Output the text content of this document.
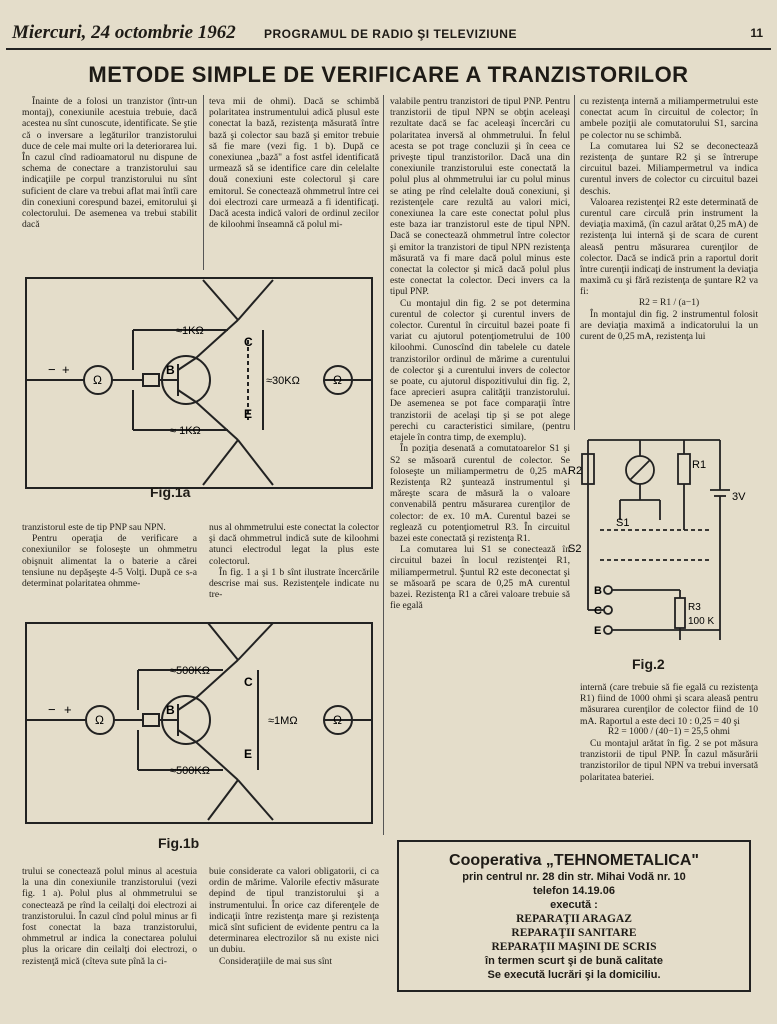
Miercuri, 24 octombrie 1962 PROGRAMUL DE RADIO ŞI TELEVIZIUNE	11
METODE SIMPLE DE VERIFICARE A TRANZISTORILOR

Înainte de a folosi un tranzistor (într-un montaj), conexiunile acestuia trebuie, dacă acestea nu sînt cunoscute, identificate. Se ştie că o inversare a legăturilor tranzistorului duce de cele mai multe ori la deteriorarea lui. În cazul cînd radioamatorul nu dispune de schema de conectare a tranzistorului sau indicaţiile pe corpul tranzistorului nu sînt suficient de clare va trebui aflat mai întîi care din conexiuni corespund bazei, emitorului şi colectorului. De asemenea va trebui stabilit dacă

teva mii de ohmi). Dacă se schimbă polaritatea instrumentului adică plusul este conectat la bază, rezistenţa măsurată între bază şi colector sau bază şi emitor trebuie să fie mare (vezi fig. 1 b). După ce conexiunea „bază" a fost astfel identificată urmează să se identifice care din celelalte două conexiuni este colectorul şi care emitorul. Se conectează ohmmetrul între cei doi electrozi care urmează a fi identificaţi. Dacă acesta indică valori de ordinul zecilor de kiloohmi înseamnă că polul mi-

≈1KΩ
≈30KΩ
≈ 1KΩ
Ω	Ω
− +	B
C
E
Fig.1a

tranzistorul este de tip PNP sau NPN.

Pentru operaţia de verificare a conexiunilor se foloseşte un ohmmetru obişnuit alimentat la o baterie a cărei tensiune nu depăşeşte 4-5 Volţi. După ce s-a determinat polaritatea ohmme-

nus al ohmmetrului este conectat la colector şi dacă ohmmetrul indică sute de kiloohmi atunci electrodul legat la plus este colectorul.

În fig. 1 a şi 1 b sînt ilustrate încercările descrise mai sus. Rezistenţele indicate nu tre-

≈500KΩ
≈1MΩ
≈500KΩ
Ω	Ω
− +	B
C
E
Fig.1b

trului se conectează polul minus al acestuia la una din conexiunile tranzistorului (vezi fig. 1 a). Polul plus al ohmmetrului se conectează pe rînd la ceilalţi doi electrozi ai tranzistorului. În cazul cînd polul minus ar fi fost conectat la baza tranzistorului, ohmmetrul ar indica la conectarea polului plus la oricare din ceilalţi doi electrozi, o rezistenţă mică (cîteva sute pînă la ci-

buie considerate ca valori obligatorii, ci ca ordin de mărime. Valorile efectiv măsurate depind de tipul tranzistorului şi a instrumentului. În orice caz diferenţele de indicaţii între rezistenţa mare şi rezistenţa mică sînt suficient de evidente pentru ca la determinarea electrozilor să nu existe nici un dubiu.

Consideraţiile de mai sus sînt

valabile pentru tranzistori de tipul PNP. Pentru tranzistorii de tipul NPN se obţin aceleaşi rezultate dacă se fac aceleaşi încercări cu polaritatea inversă al ohmmetrului. În felul acesta se pot trage concluzii şi în ceea ce priveşte tipul tranzistorilor. Dacă una din conexiunile tranzistorului este conectată la polul plus al ohmmetrului iar cu polul minus se ating pe rînd celelalte două conexiuni, şi rezistenţele care rezultă au valori mici, conexiunea la care este conectat polul plus este baza iar tranzistorul este de tipul NPN. Dacă se conectează ohmmetrul între colector şi emitor la tranzistori de tipul NPN rezistenţa măsurată va fi mare dacă polul minus este conectat la colector şi mică dacă polul plus este conectat la colector. Deci invers ca la tipul PNP.

Cu montajul din fig. 2 se pot determina curentul de colector şi curentul invers de colector. Curentul în circuitul bazei poate fi variat cu ajutorul potenţiometrului de 100 kiloohmi. Cunoscînd din tabelele cu datele tranzistorilor ordinul de mărime a curentului de colector şi a curentului invers de colector se poate, cu ajutorul dispozitivului din fig. 2, face aprecieri asupra calităţii tranzistorului. De asemenea se pot face comparaţii între tranzistorii de acelaşi tip şi se pot alege perechi cu caracteristici similare, (pentru etajele în contra timp, de exemplu).

În poziţia desenată a comutatoarelor S1 şi S2 se măsoară curentul de colector. Se foloseşte un miliampermetru de 0,25 mA. Rezistenţa R2 şuntează instrumentul şi măreşte scara de măsură la o valoare convenabilă pentru măsurarea curenţilor de colector: de ex. 10 mA. Curentul bazei se reglează cu potenţiometrul R3. În circuitul bazei este conectată şi rezistenţa R1.

La comutarea lui S1 se conectează în circuitul bazei în locul rezistenţei R1, miliampermetrul. Şuntul R2 este deconectat şi se măsoară pe scara de 0,25 mA curentul bazei. Rezistenţa R1 a cărei valoare trebuie să fie egală

cu rezistenţa internă a miliampermetrului este conectat acum în circuitul de colector; în ambele poziţii ale comutatorului S1, sarcina pe colector nu se schimbă.

La comutarea lui S2 se deconectează rezistenţa de şuntare R2 şi se întrerupe circuitul bazei. Miliampermetrul va indica curentul invers de colector cu circuitul bazei deschis.

Valoarea rezistenţei R2 este determinată de curentul care circulă prin instrument la deviaţia maximă, (în cazul arătat 0,25 mA) de rezistenţa lui internă şi de scara de curent aleasă pentru măsurarea curenţilor de colector. Dacă se indică prin a raportul dorit între curenţii indicaţi de instrument la deviaţia maximă cu şi fără rezistenţa de şuntare R2 va fi:

R2 = R1 / (a−1)

În montajul din fig. 2 instrumentul folosit are deviaţia maximă a indicatorului la un curent de 0,25 mA, rezistenţa lui

R2	R1
S1
S2
R3
100 K
3V
B
C
E
Fig.2

internă (care trebuie să fie egală cu rezistenţa R1) fiind de 1000 ohmi şi scara aleasă pentru măsurarea curenţilor de colector fiind de 10 mA. Raportul a este deci 10 : 0,25 = 40 şi

R2 = 1000 / (40−1) = 25,5 ohmi

Cu montajul arătat în fig. 2 se pot măsura tranzistorii de tipul PNP. În cazul măsurării tranzistorilor de tipul NPN va trebui inversată polaritatea bateriei.

Cooperativa „TEHNOMETALICA"
prin centrul nr. 28 din str. Mihai Vodă nr. 10
telefon 14.19.06
execută :
REPARAŢII ARAGAZ
REPARAŢII SANITARE
REPARAŢII MAŞINI DE SCRIS
în termen scurt şi de bună calitate
Se execută lucrări şi la domiciliu.
